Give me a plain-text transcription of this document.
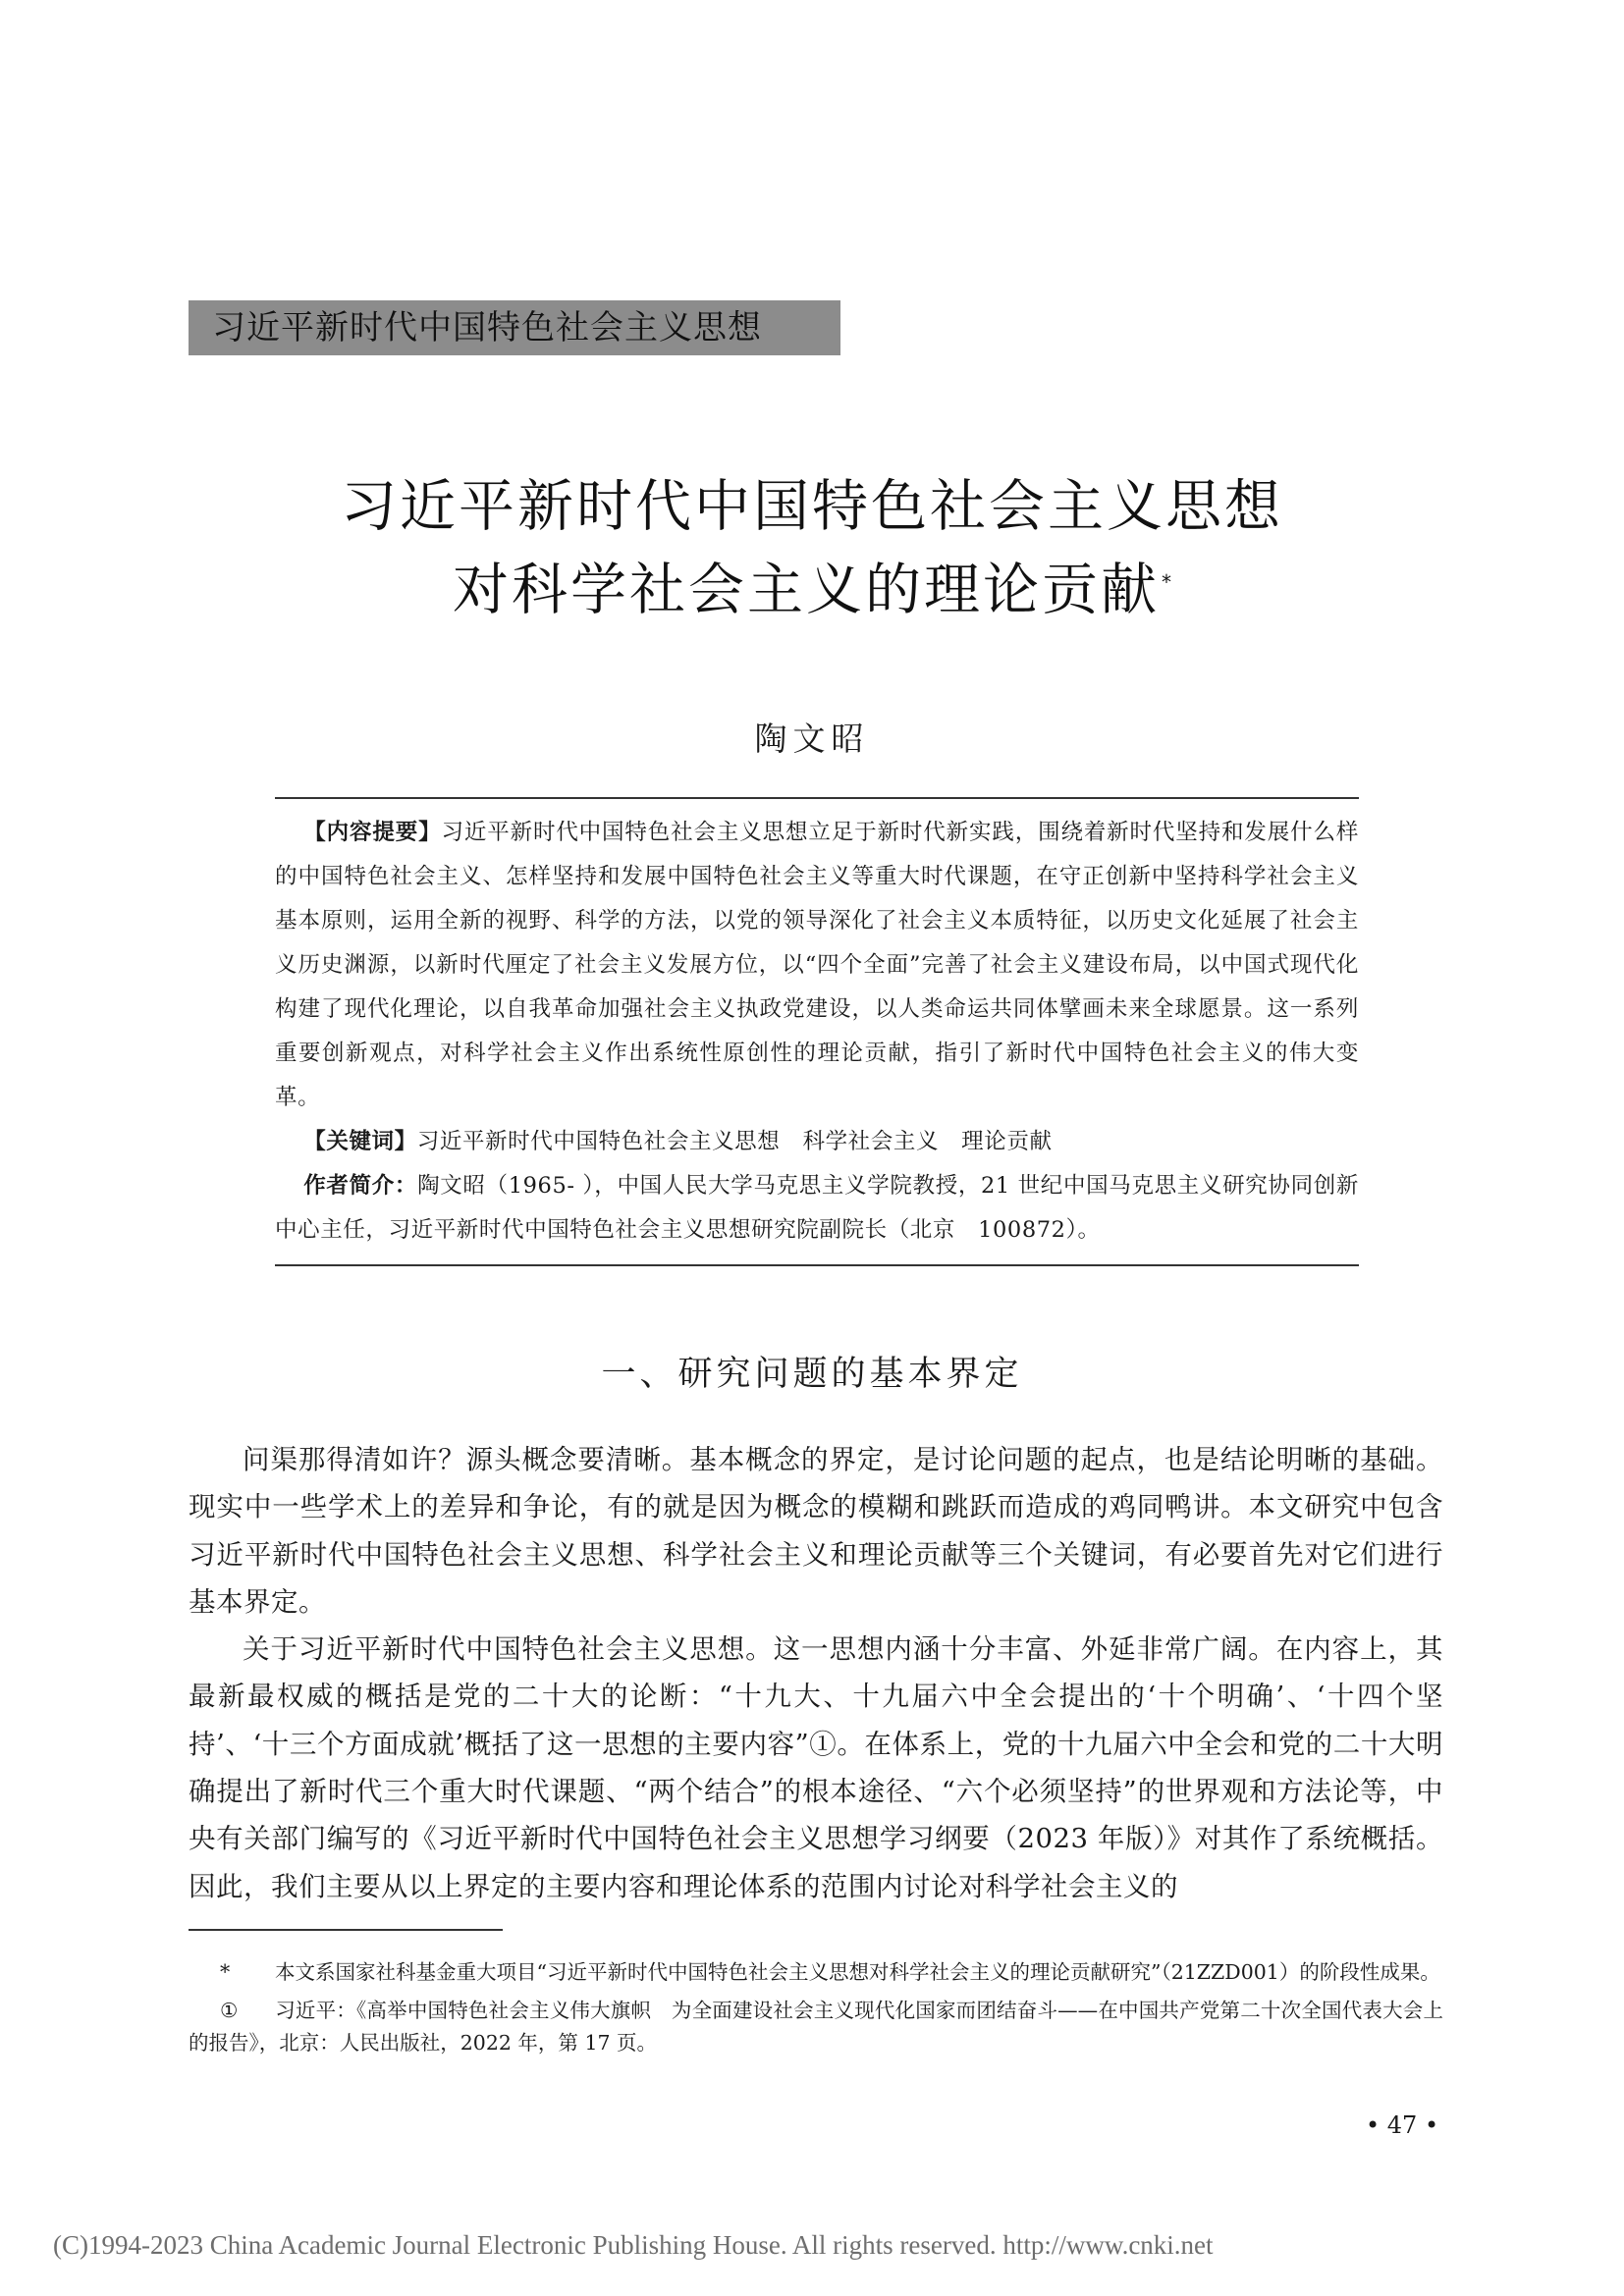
习近平新时代中国特色社会主义思想
习近平新时代中国特色社会主义思想
对科学社会主义的理论贡献 *
陶文昭

【内容提要】习近平新时代中国特色社会主义思想立足于新时代新实践，围绕着新时代坚持和发展什么样的中国特色社会主义、怎样坚持和发展中国特色社会主义等重大时代课题，在守正创新中坚持科学社会主义基本原则，运用全新的视野、科学的方法，以党的领导深化了社会主义本质特征，以历史文化延展了社会主义历史渊源，以新时代厘定了社会主义发展方位，以“四个全面”完善了社会主义建设布局，以中国式现代化构建了现代化理论，以自我革命加强社会主义执政党建设，以人类命运共同体擘画未来全球愿景。这一系列重要创新观点，对科学社会主义作出系统性原创性的理论贡献，指引了新时代中国特色社会主义的伟大变革。

【关键词】习近平新时代中国特色社会主义思想　科学社会主义　理论贡献

作者简介：陶文昭（1965- ），中国人民大学马克思主义学院教授，21 世纪中国马克思主义研究协同创新中心主任，习近平新时代中国特色社会主义思想研究院副院长（北京　100872）。

一、研究问题的基本界定

问渠那得清如许？源头概念要清晰。基本概念的界定，是讨论问题的起点，也是结论明晰的基础。现实中一些学术上的差异和争论，有的就是因为概念的模糊和跳跃而造成的鸡同鸭讲。本文研究中包含习近平新时代中国特色社会主义思想、科学社会主义和理论贡献等三个关键词，有必要首先对它们进行基本界定。

关于习近平新时代中国特色社会主义思想。这一思想内涵十分丰富、外延非常广阔。在内容上，其最新最权威的概括是党的二十大的论断：“十九大、十九届六中全会提出的‘十个明确’、‘十四个坚持’、‘十三个方面成就’概括了这一思想的主要内容”①。在体系上，党的十九届六中全会和党的二十大明确提出了新时代三个重大时代课题、“两个结合”的根本途径、“六个必须坚持”的世界观和方法论等，中央有关部门编写的《习近平新时代中国特色社会主义思想学习纲要（2023 年版）》对其作了系统概括。因此，我们主要从以上界定的主要内容和理论体系的范围内讨论对科学社会主义的

* 本文系国家社科基金重大项目“习近平新时代中国特色社会主义思想对科学社会主义的理论贡献研究”（21ZZD001）的阶段性成果。

① 习近平：《高举中国特色社会主义伟大旗帜　为全面建设社会主义现代化国家而团结奋斗——在中国共产党第二十次全国代表大会上的报告》，北京：人民出版社，2022 年，第 17 页。

• 47 •
(C)1994-2023 China Academic Journal Electronic Publishing House. All rights reserved. http://www.cnki.net
